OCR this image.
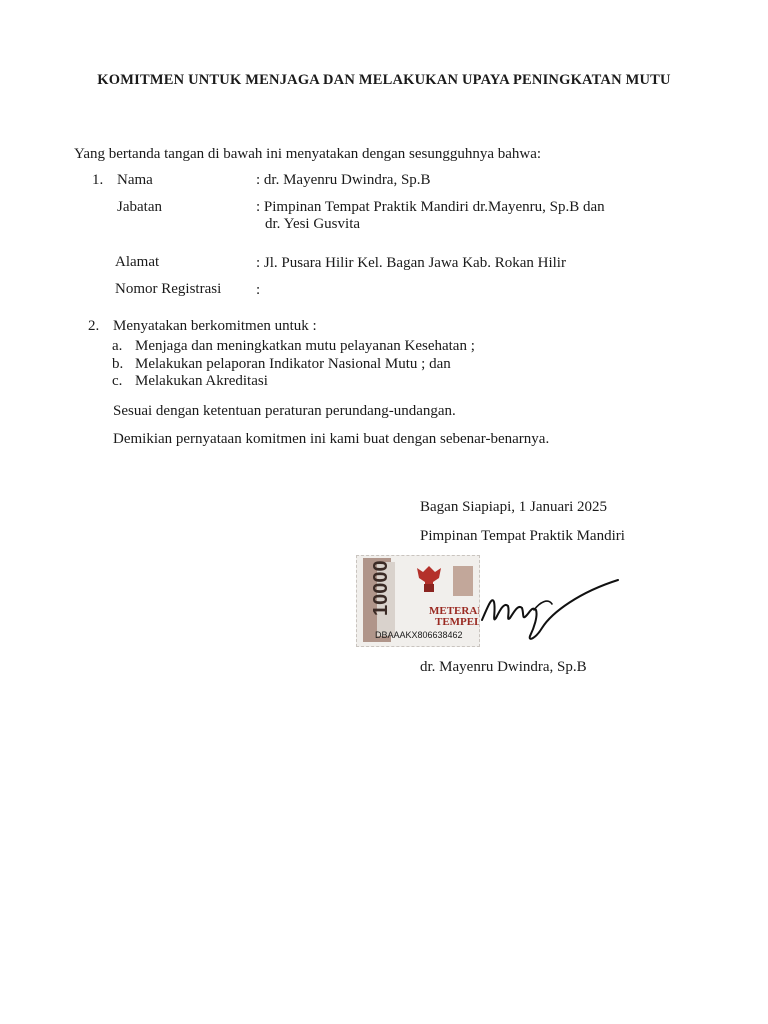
KOMITMEN UNTUK MENJAGA DAN MELAKUKAN UPAYA PENINGKATAN MUTU
Yang bertanda tangan di bawah ini menyatakan dengan sesungguhnya bahwa:
1. Nama	: dr. Mayenru Dwindra, Sp.B
Jabatan	: Pimpinan Tempat Praktik Mandiri dr.Mayenru, Sp.B dan
dr. Yesi Gusvita
Alamat	: Jl. Pusara Hilir Kel. Bagan Jawa Kab. Rokan Hilir
Nomor Registrasi :
2. Menyatakan berkomitmen untuk :
a. Menjaga dan meningkatkan mutu pelayanan Kesehatan ;
b. Melakukan pelaporan Indikator Nasional Mutu ; dan
c. Melakukan Akreditasi
Sesuai dengan ketentuan peraturan perundang-undangan.
Demikian pernyataan komitmen ini kami buat dengan sebenar-benarnya.
Bagan Siapiapi, 1 Januari 2025
Pimpinan Tempat Praktik Mandiri
10000	METERAI
TEMPEL
DBAAAKX806638462
dr. Mayenru Dwindra, Sp.B
